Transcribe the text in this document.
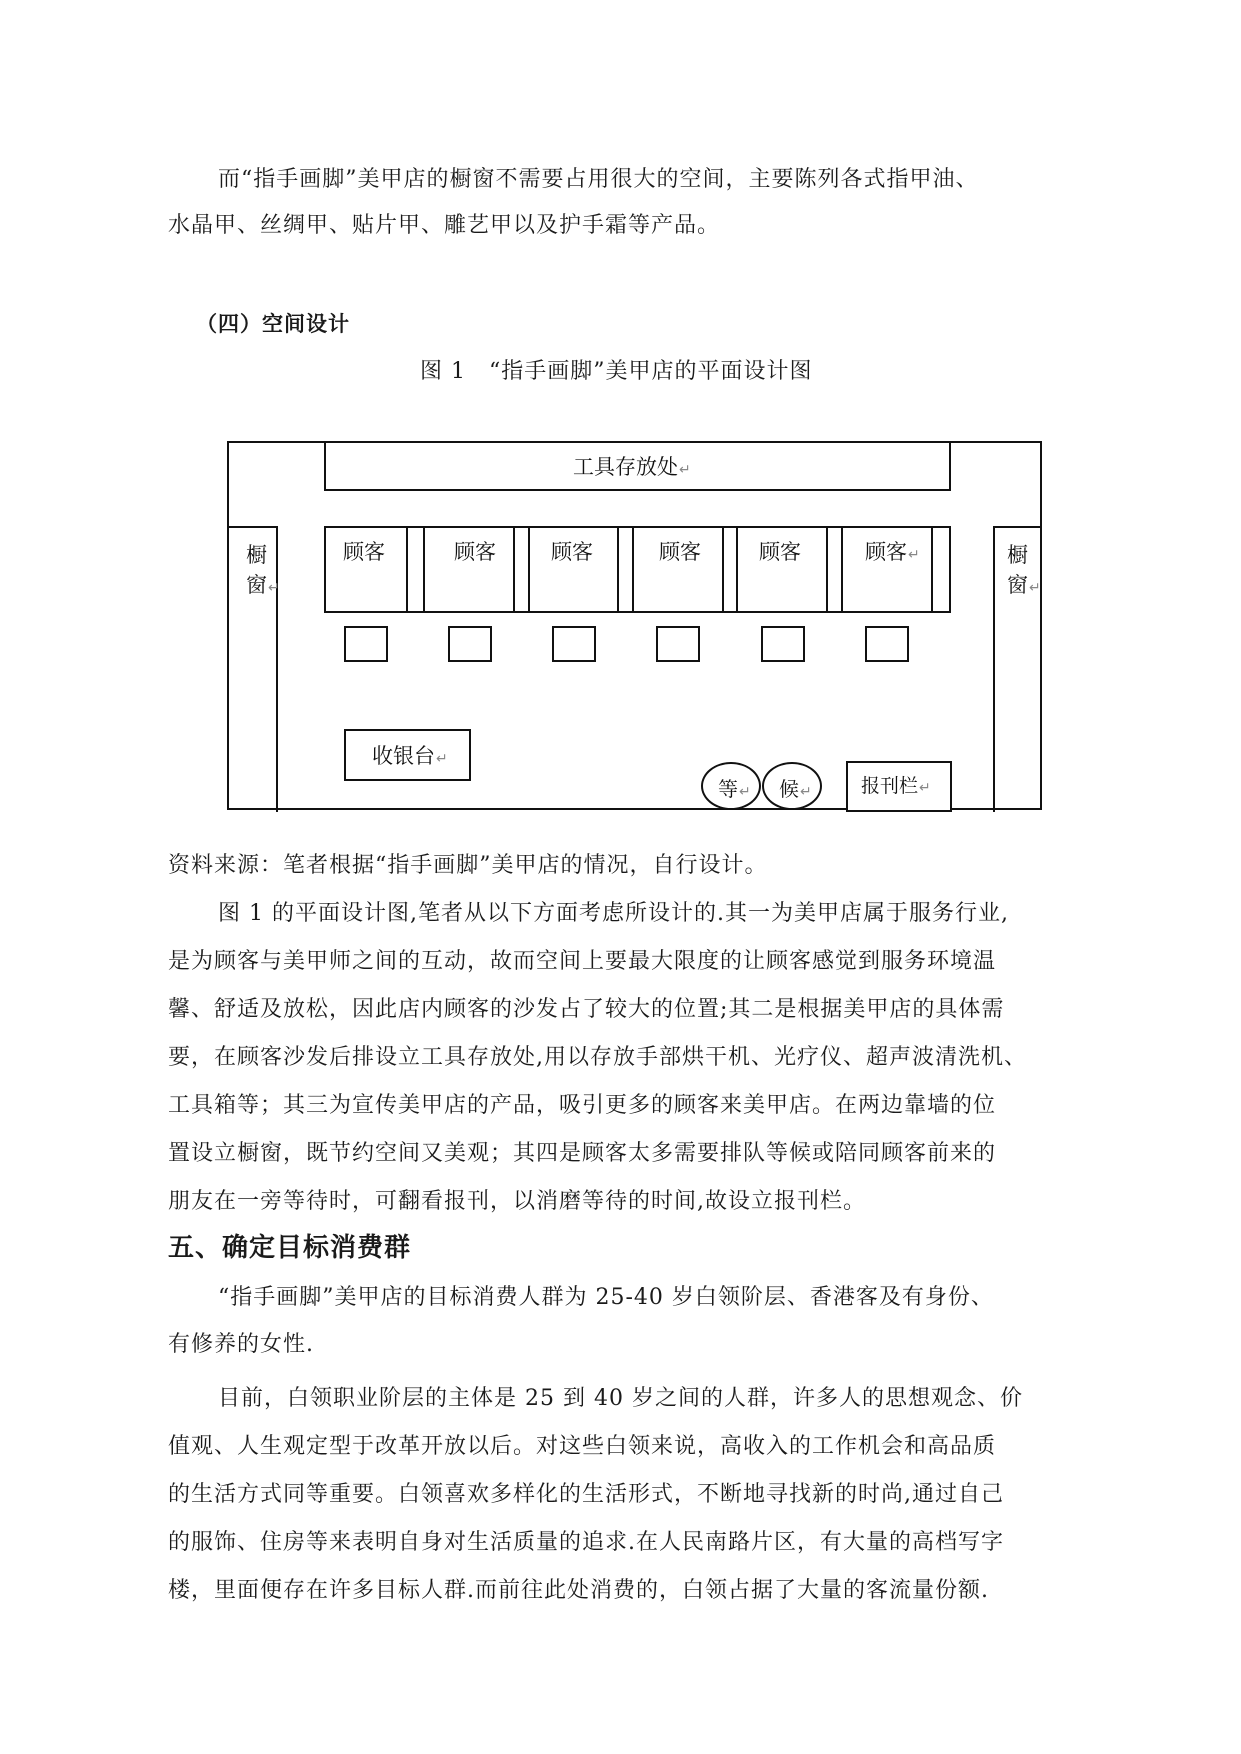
而“指手画脚”美甲店的橱窗不需要占用很大的空间，主要陈列各式指甲油、
水晶甲、丝绸甲、贴片甲、雕艺甲以及护手霜等产品。
（四）空间设计
图 1　“指手画脚”美甲店的平面设计图
工具存放处↵
橱
窗↵
橱
窗↵
顾客	顾客	顾客	顾客	顾客	顾客↵
收银台↵
等↵ 候↵	报刊栏↵
资料来源：笔者根据“指手画脚”美甲店的情况，自行设计。
图 1 的平面设计图,笔者从以下方面考虑所设计的.其一为美甲店属于服务行业,
是为顾客与美甲师之间的互动，故而空间上要最大限度的让顾客感觉到服务环境温
馨、舒适及放松，因此店内顾客的沙发占了较大的位置;其二是根据美甲店的具体需
要，在顾客沙发后排设立工具存放处,用以存放手部烘干机、光疗仪、超声波清洗机、
工具箱等；其三为宣传美甲店的产品，吸引更多的顾客来美甲店。在两边靠墙的位
置设立橱窗，既节约空间又美观；其四是顾客太多需要排队等候或陪同顾客前来的
朋友在一旁等待时，可翻看报刊，以消磨等待的时间,故设立报刊栏。
五、确定目标消费群
“指手画脚”美甲店的目标消费人群为 25-40 岁白领阶层、香港客及有身份、
有修养的女性.
目前，白领职业阶层的主体是 25 到 40 岁之间的人群，许多人的思想观念、价
值观、人生观定型于改革开放以后。对这些白领来说，高收入的工作机会和高品质
的生活方式同等重要。白领喜欢多样化的生活形式，不断地寻找新的时尚,通过自己
的服饰、住房等来表明自身对生活质量的追求.在人民南路片区，有大量的高档写字
楼，里面便存在许多目标人群.而前往此处消费的，白领占据了大量的客流量份额.
